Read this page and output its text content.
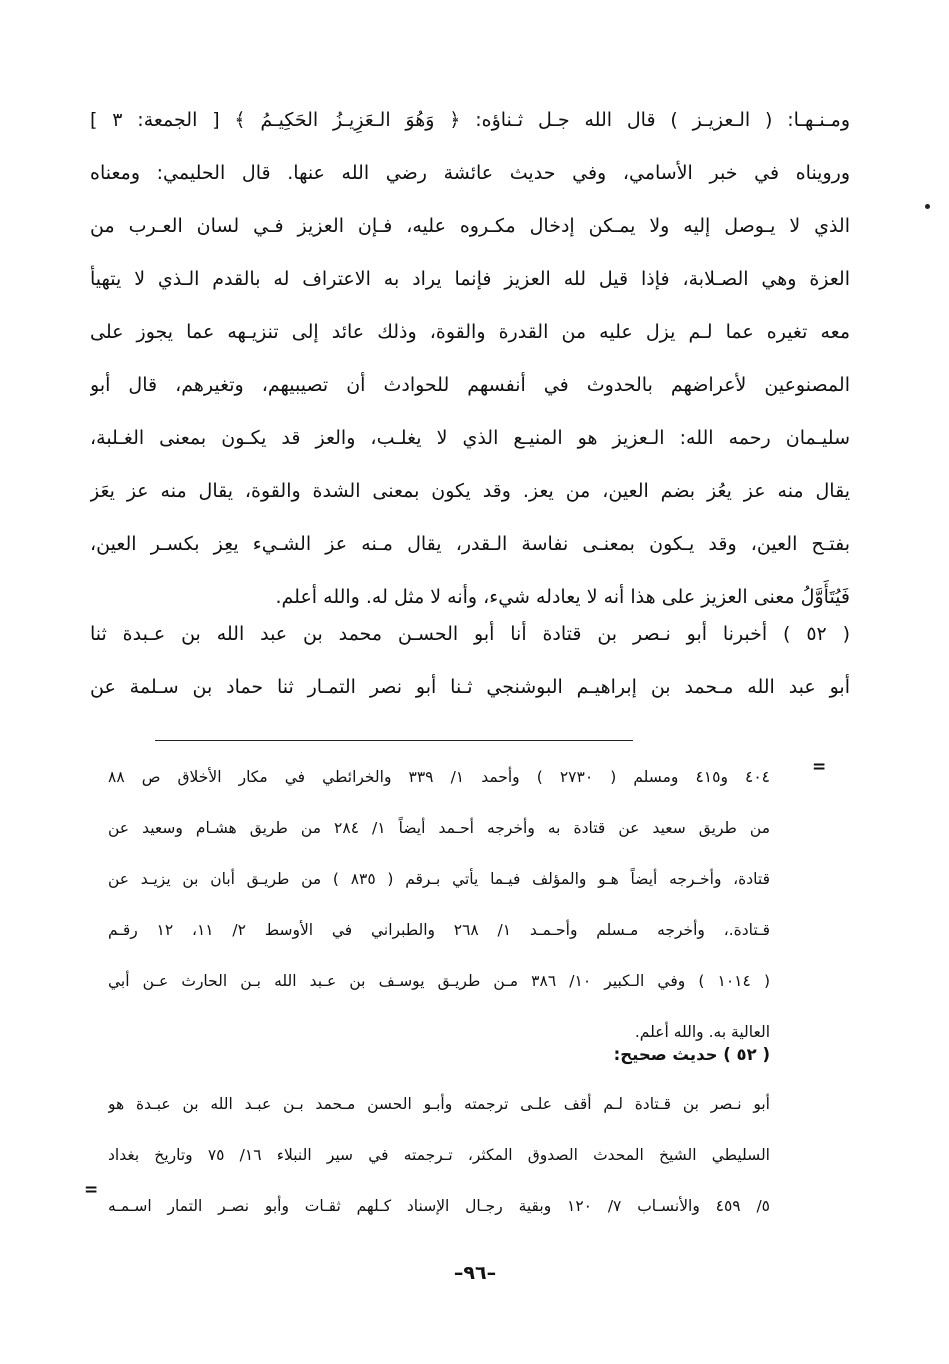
ومـنـهـا: ( الـعزيـز ) قال الله جـل ثـناؤه: ﴿ وَهُوَ الـعَزِيـزُ الحَكِيـمُ ﴾ [ الجمعة: ٣ ]
ورويناه في خبر الأسامي، وفي حديث عائشة رضي الله عنها. قال الحليمي: ومعناه
الذي لا يـوصل إليه ولا يمـكن إدخال مكـروه عليه، فـإن العزيز فـي لسان العـرب من
العزة وهي الصـلابة، فإذا قيل لله العزيز فإنما يراد به الاعتراف له بالقدم الـذي لا يتهيأ
معه تغيره عما لـم يزل عليه من القدرة والقوة، وذلك عائد إلى تنزيـهه عما يجوز على
المصنوعين لأعراضهم بالحدوث في أنفسهم للحوادث أن تصيبيهم، وتغيرهم، قال أبو
سليـمان رحمه الله: الـعزيز هو المنيـع الذي لا يغلـب، والعز قد يكـون بمعنى الغـلبة،
يقال منه عز يعُز بضم العين، من يعز. وقد يكون بمعنى الشدة والقوة، يقال منه عز يعَز
بفتـح العين، وقد يـكون بمعنـى نفاسة الـقدر، يقال مـنه عز الشـيء يعِز بكسـر العين،
فَيُتَأَوَّلُ معنى العزيز على هذا أنه لا يعادله شيء، وأنه لا مثل له. والله أعلم.
( ٥٢ ) أخبرنا أبو نـصر بن قتادة أنا أبو الحسـن محمد بن عبد الله بن عـبدة ثنا
أبو عبد الله مـحمد بن إبراهيـم البوشنجي ثـنا أبو نصر التمـار ثنا حماد بن سـلمة عن
=
٤٠٤ و٤١٥ ومسلم ( ٢٧٣٠ ) وأحمد ١/ ٣٣٩ والخرائطي في مكار الأخلاق ص ٨٨
من طريق سعيد عن قتادة به وأخرجه أحـمد أيضاً ١/ ٢٨٤ من طريق هشـام وسعيد عن
قتادة، وأخـرجه أيضاً هـو والمؤلف فيـما يأتي بـرقم ( ٨٣٥ ) من طريـق أبان بن يزيـد عن
قـتادة.، وأخرجه مـسلم وأحـمـد ١/ ٢٦٨ والطبراني في الأوسط ٢/ ١١، ١٢ رقـم
( ١٠١٤ ) وفي الـكبير ١٠/ ٣٨٦ مـن طريـق يوسـف بن عـبد الله بـن الحارث عـن أبي
العالية به. والله أعلم.
( ٥٢ ) حديث صحيح:
أبو نـصر بن قـتادة لـم أقف علـى ترجمته وأبـو الحسن مـحمد بـن عبـد الله بن عبـدة هو
السليطي الشيخ المحدث الصدوق المكثر، تـرجمته في سير النبلاء ١٦/ ٧٥ وتاريخ بغداد
٥/ ٤٥٩ والأنسـاب ٧/ ١٢٠ وبقية رجـال الإسناد كـلهم ثقـات وأبو نصـر التمار اسـمـه
=
–٩٦–
